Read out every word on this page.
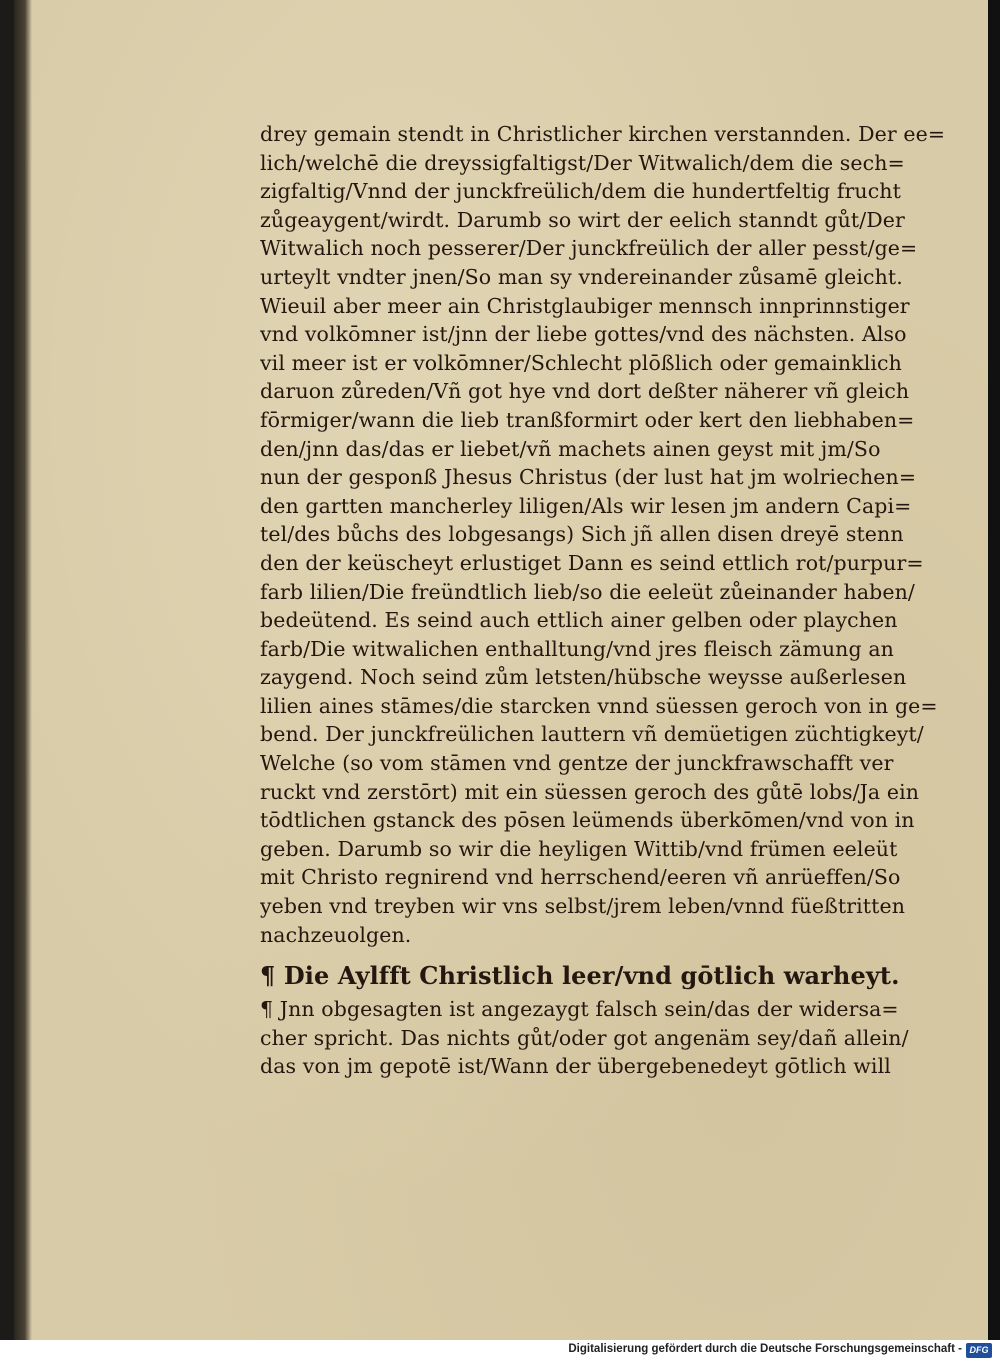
drey gemain stendt in Christlicher kirchen verstannden. Der ee=
lich/welchē die dreyssigfaltigst/Der Witwalich/dem die sech=
zigfaltig/Vnnd der junckfreülich/dem die hundertfeltig frucht
zůgeaygent/wirdt. Darumb so wirt der eelich stanndt gůt/Der
Witwalich noch pesserer/Der junckfreülich der aller pesst/ge=
urteylt vndter jnen/So man sy vndereinander zůsamē gleicht.
Wieuil aber meer ain Christglaubiger mennsch innprinnstiger
vnd volkōmner ist/jnn der liebe gottes/vnd des nächsten. Also
vil meer ist er volkōmner/Schlecht plōßlich oder gemainklich
daruon zůreden/Vñ got hye vnd dort deßter näherer vñ gleich
fōrmiger/wann die lieb tranßformirt oder kert den liebhaben=
den/jnn das/das er liebet/vñ machets ainen geyst mit jm/So
nun der gesponß Jhesus Christus (der lust hat jm wolriechen=
den gartten mancherley liligen/Als wir lesen jm andern Capi=
tel/des bůchs des lobgesangs) Sich jñ allen disen dreyē stenn
den der keüscheyt erlustiget Dann es seind ettlich rot/purpur=
farb lilien/Die freündtlich lieb/so die eeleüt zůeinander haben/
bedeütend. Es seind auch ettlich ainer gelben oder playchen
farb/Die witwalichen enthalltung/vnd jres fleisch zämung an
zaygend. Noch seind zům letsten/hübsche weysse außerlesen
lilien aines stāmes/die starcken vnnd süessen geroch von in ge=
bend. Der junckfreülichen lauttern vñ demüetigen züchtigkeyt/
Welche (so vom stāmen vnd gentze der junckfrawschafft ver
ruckt vnd zerstōrt) mit ein süessen geroch des gůtē lobs/Ja ein
tōdtlichen gstanck des pōsen leümends überkōmen/vnd von in
geben. Darumb so wir die heyligen Wittib/vnd frümen eeleüt
mit Christo regnirend vnd herrschend/eeren vñ anrüeffen/So
yeben vnd treyben wir vns selbst/jrem leben/vnnd füeßtritten
nachzeuolgen.
¶ Die Aylfft Christlich leer/vnd gōtlich warheyt.
¶ Jnn obgesagten ist angezaygt falsch sein/das der widersa=
cher spricht. Das nichts gůt/oder got angenäm sey/dañ allein/
das von jm gepotē ist/Wann der übergebenedeyt gōtlich will
Digitalisierung gefördert durch die Deutsche Forschungsgemeinschaft - DFG
